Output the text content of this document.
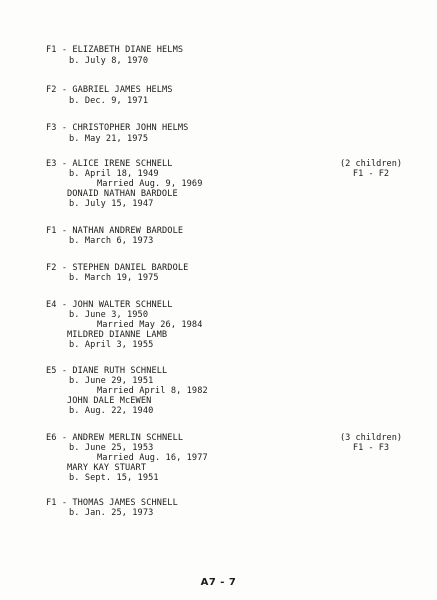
F1 - ELIZABETH DIANE HELMS
b. July 8, 1970
F2 - GABRIEL JAMES HELMS
b. Dec. 9, 1971
F3 - CHRISTOPHER JOHN HELMS
b. May 21, 1975
E3 - ALICE IRENE SCHNELL
b. April 18, 1949
Married Aug. 9, 1969
DONAID NATHAN BARDOLE
b. July 15, 1947
(2 children)
F1 - F2
F1 - NATHAN ANDREW BARDOLE
b. March 6, 1973
F2 - STEPHEN DANIEL BARDOLE
b. March 19, 1975
E4 - JOHN WALTER SCHNELL
b. June 3, 1950
Married May 26, 1984
MILDRED DIANNE LAMB
b. April 3, 1955
E5 - DIANE RUTH SCHNELL
b. June 29, 1951
Married April 8, 1982
JOHN DALE McEWEN
b. Aug. 22, 1940
E6 - ANDREW MERLIN SCHNELL
b. June 25, 1953
Married Aug. 16, 1977
MARY KAY STUART
b. Sept. 15, 1951
(3 children)
F1 - F3
F1 - THOMAS JAMES SCHNELL
b. Jan. 25, 1973
A7 - 7
